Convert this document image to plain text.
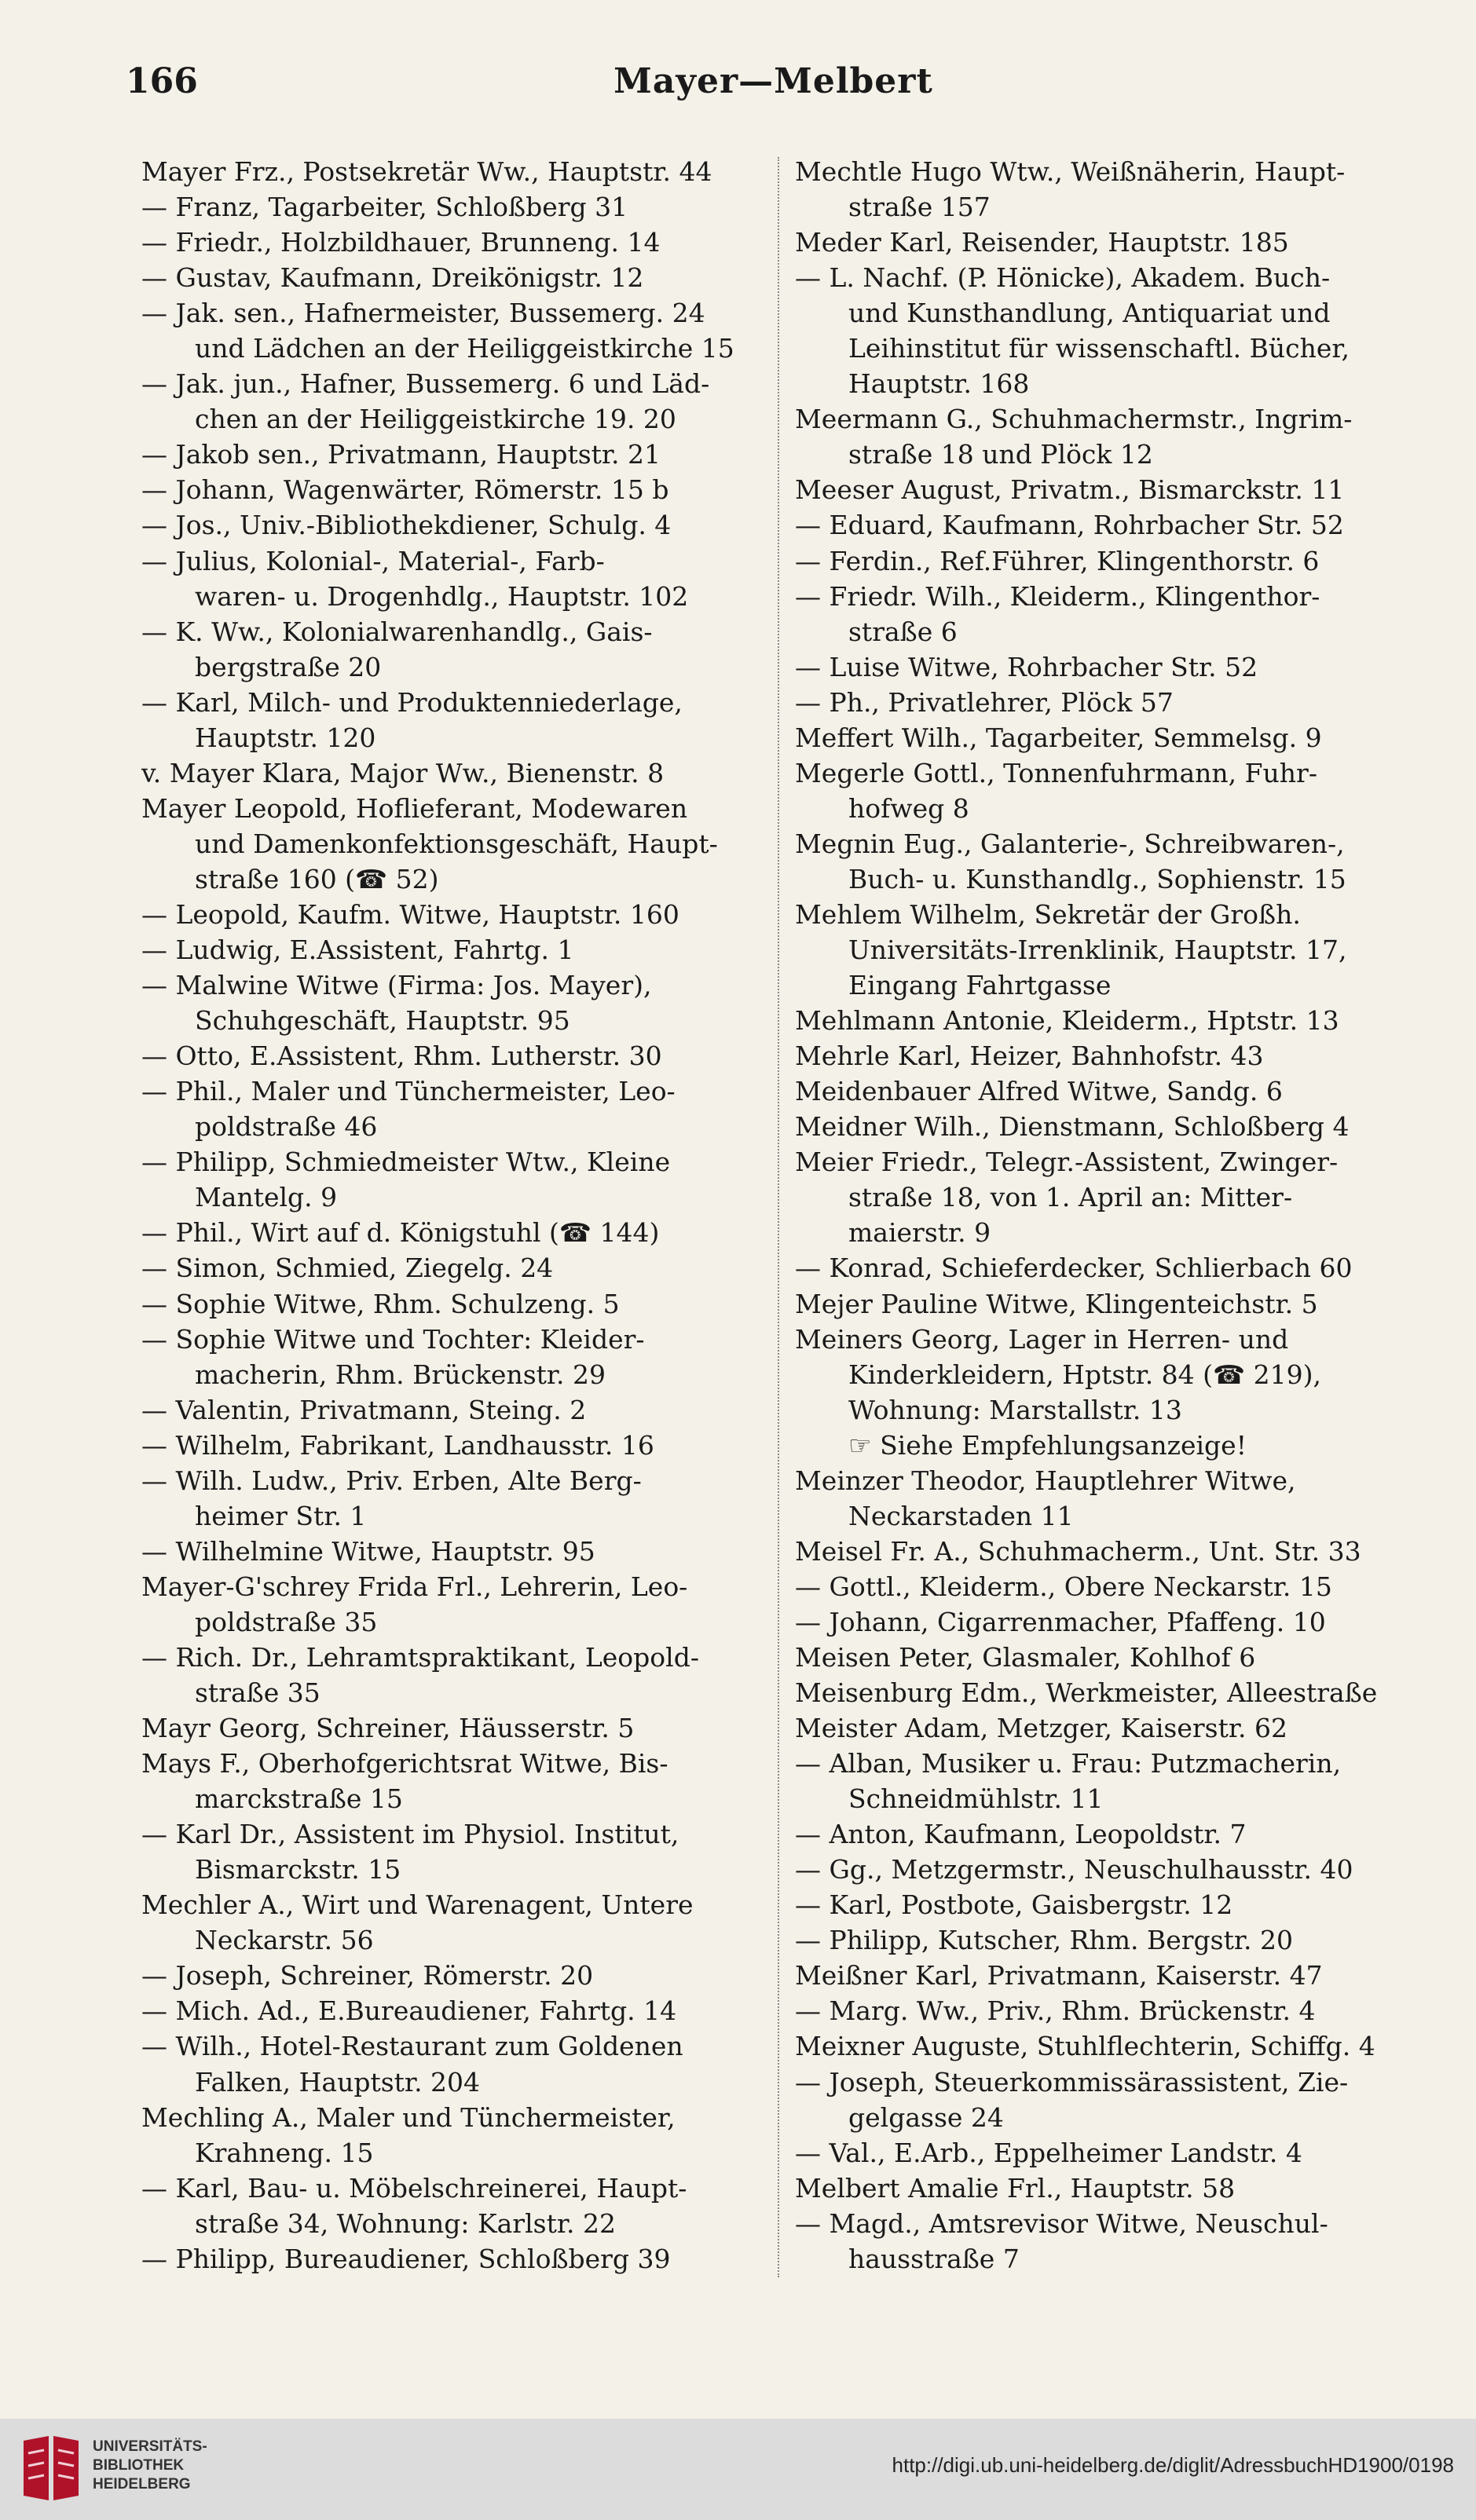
166	Mayer—Melbert
Mayer Frz., Postsekretär Ww., Hauptstr. 44
— Franz, Tagarbeiter, Schloßberg 31
— Friedr., Holzbildhauer, Brunneng. 14
— Gustav, Kaufmann, Dreikönigstr. 12
— Jak. sen., Hafnermeister, Bussemerg. 24
und Lädchen an der Heiliggeistkirche 15
— Jak. jun., Hafner, Bussemerg. 6 und Läd-
chen an der Heiliggeistkirche 19. 20
— Jakob sen., Privatmann, Hauptstr. 21
— Johann, Wagenwärter, Römerstr. 15 b
— Jos., Univ.-Bibliothekdiener, Schulg. 4
— Julius, Kolonial-, Material-, Farb-
waren- u. Drogenhdlg., Hauptstr. 102
— K. Ww., Kolonialwarenhandlg., Gais-
bergstraße 20
— Karl, Milch- und Produktenniederlage,
Hauptstr. 120
v. Mayer Klara, Major Ww., Bienenstr. 8
Mayer Leopold, Hoflieferant, Modewaren
und Damenkonfektionsgeschäft, Haupt-
straße 160 (☎ 52)
— Leopold, Kaufm. Witwe, Hauptstr. 160
— Ludwig, E.Assistent, Fahrtg. 1
— Malwine Witwe (Firma: Jos. Mayer),
Schuhgeschäft, Hauptstr. 95
— Otto, E.Assistent, Rhm. Lutherstr. 30
— Phil., Maler und Tünchermeister, Leo-
poldstraße 46
— Philipp, Schmiedmeister Wtw., Kleine
Mantelg. 9
— Phil., Wirt auf d. Königstuhl (☎ 144)
— Simon, Schmied, Ziegelg. 24
— Sophie Witwe, Rhm. Schulzeng. 5
— Sophie Witwe und Tochter: Kleider-
macherin, Rhm. Brückenstr. 29
— Valentin, Privatmann, Steing. 2
— Wilhelm, Fabrikant, Landhausstr. 16
— Wilh. Ludw., Priv. Erben, Alte Berg-
heimer Str. 1
— Wilhelmine Witwe, Hauptstr. 95
Mayer-G'schrey Frida Frl., Lehrerin, Leo-
poldstraße 35
— Rich. Dr., Lehramtspraktikant, Leopold-
straße 35
Mayr Georg, Schreiner, Häusserstr. 5
Mays F., Oberhofgerichtsrat Witwe, Bis-
marckstraße 15
— Karl Dr., Assistent im Physiol. Institut,
Bismarckstr. 15
Mechler A., Wirt und Warenagent, Untere
Neckarstr. 56
— Joseph, Schreiner, Römerstr. 20
— Mich. Ad., E.Bureaudiener, Fahrtg. 14
— Wilh., Hotel-Restaurant zum Goldenen
Falken, Hauptstr. 204
Mechling A., Maler und Tünchermeister,
Krahneng. 15
— Karl, Bau- u. Möbelschreinerei, Haupt-
straße 34, Wohnung: Karlstr. 22
— Philipp, Bureaudiener, Schloßberg 39
Mechtle Hugo Wtw., Weißnäherin, Haupt-
straße 157
Meder Karl, Reisender, Hauptstr. 185
— L. Nachf. (P. Hönicke), Akadem. Buch-
und Kunsthandlung, Antiquariat und
Leihinstitut für wissenschaftl. Bücher,
Hauptstr. 168
Meermann G., Schuhmachermstr., Ingrim-
straße 18 und Plöck 12
Meeser August, Privatm., Bismarckstr. 11
— Eduard, Kaufmann, Rohrbacher Str. 52
— Ferdin., Ref.Führer, Klingenthorstr. 6
— Friedr. Wilh., Kleiderm., Klingenthor-
straße 6
— Luise Witwe, Rohrbacher Str. 52
— Ph., Privatlehrer, Plöck 57
Meffert Wilh., Tagarbeiter, Semmelsg. 9
Megerle Gottl., Tonnenfuhrmann, Fuhr-
hofweg 8
Megnin Eug., Galanterie-, Schreibwaren-,
Buch- u. Kunsthandlg., Sophienstr. 15
Mehlem Wilhelm, Sekretär der Großh.
Universitäts-Irrenklinik, Hauptstr. 17,
Eingang Fahrtgasse
Mehlmann Antonie, Kleiderm., Hptstr. 13
Mehrle Karl, Heizer, Bahnhofstr. 43
Meidenbauer Alfred Witwe, Sandg. 6
Meidner Wilh., Dienstmann, Schloßberg 4
Meier Friedr., Telegr.-Assistent, Zwinger-
straße 18, von 1. April an: Mitter-
maierstr. 9
— Konrad, Schieferdecker, Schlierbach 60
Mejer Pauline Witwe, Klingenteichstr. 5
Meiners Georg, Lager in Herren- und
Kinderkleidern, Hptstr. 84 (☎ 219),
Wohnung: Marstallstr. 13
☞ Siehe Empfehlungsanzeige!
Meinzer Theodor, Hauptlehrer Witwe,
Neckarstaden 11
Meisel Fr. A., Schuhmacherm., Unt. Str. 33
— Gottl., Kleiderm., Obere Neckarstr. 15
— Johann, Cigarrenmacher, Pfaffeng. 10
Meisen Peter, Glasmaler, Kohlhof 6
Meisenburg Edm., Werkmeister, Alleestraße
Meister Adam, Metzger, Kaiserstr. 62
— Alban, Musiker u. Frau: Putzmacherin,
Schneidmühlstr. 11
— Anton, Kaufmann, Leopoldstr. 7
— Gg., Metzgermstr., Neuschulhausstr. 40
— Karl, Postbote, Gaisbergstr. 12
— Philipp, Kutscher, Rhm. Bergstr. 20
Meißner Karl, Privatmann, Kaiserstr. 47
— Marg. Ww., Priv., Rhm. Brückenstr. 4
Meixner Auguste, Stuhlflechterin, Schiffg. 4
— Joseph, Steuerkommissärassistent, Zie-
gelgasse 24
— Val., E.Arb., Eppelheimer Landstr. 4
Melbert Amalie Frl., Hauptstr. 58
— Magd., Amtsrevisor Witwe, Neuschul-
hausstraße 7
UNIVERSITÄTS-
BIBLIOTHEK
HEIDELBERG
http://digi.ub.uni-heidelberg.de/diglit/AdressbuchHD1900/0198
